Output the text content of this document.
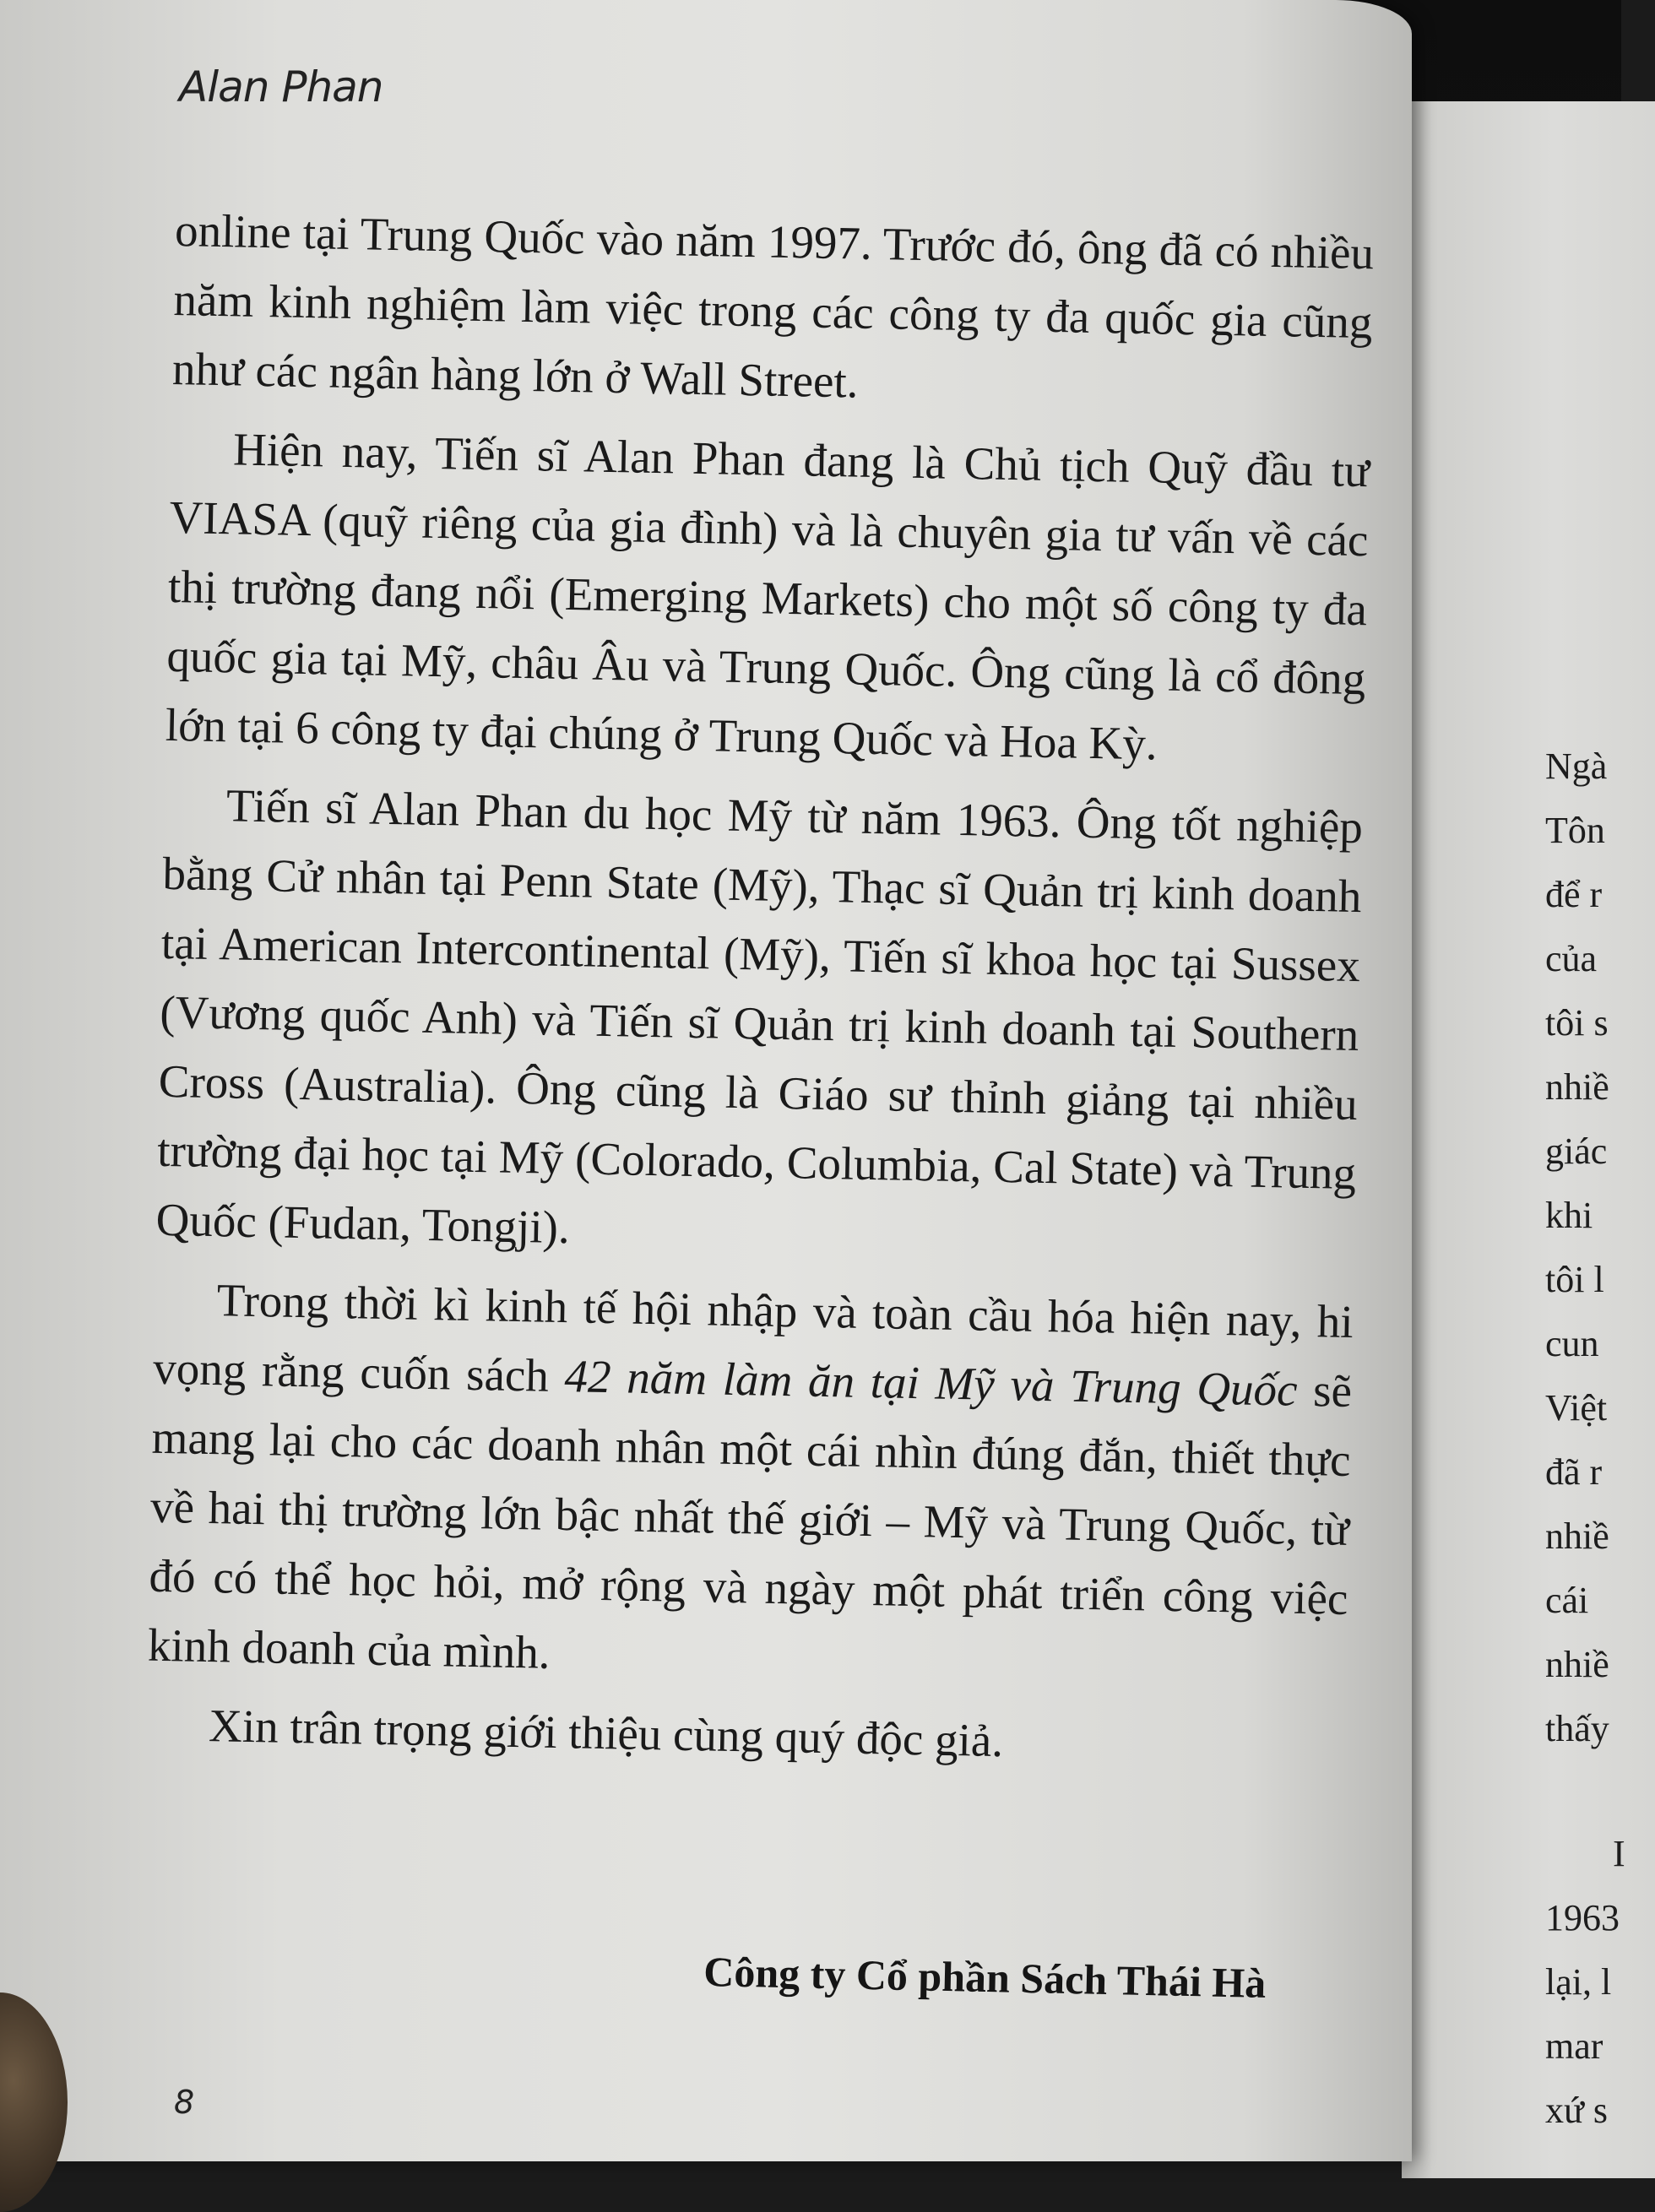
Ngà
Tôn
để r
của
tôi s
nhiề
giác
khi
tôi l
cun
Việt
đã r
nhiề
cái
nhiề
thấy
I
1963
lại, l
mar
xứ s
Alan Phan

online tại Trung Quốc vào năm 1997. Trước đó, ông đã có nhiều năm kinh nghiệm làm việc trong các công ty đa quốc gia cũng như các ngân hàng lớn ở Wall Street.

Hiện nay, Tiến sĩ Alan Phan đang là Chủ tịch Quỹ đầu tư VIASA (quỹ riêng của gia đình) và là chuyên gia tư vấn về các thị trường đang nổi (Emerging Markets) cho một số công ty đa quốc gia tại Mỹ, châu Âu và Trung Quốc. Ông cũng là cổ đông lớn tại 6 công ty đại chúng ở Trung Quốc và Hoa Kỳ.

Tiến sĩ Alan Phan du học Mỹ từ năm 1963. Ông tốt nghiệp bằng Cử nhân tại Penn State (Mỹ), Thạc sĩ Quản trị kinh doanh tại American Intercontinental (Mỹ), Tiến sĩ khoa học tại Sussex (Vương quốc Anh) và Tiến sĩ Quản trị kinh doanh tại Southern Cross (Australia). Ông cũng là Giáo sư thỉnh giảng tại nhiều trường đại học tại Mỹ (Colorado, Columbia, Cal State) và Trung Quốc (Fudan, Tongji).

Trong thời kì kinh tế hội nhập và toàn cầu hóa hiện nay, hi vọng rằng cuốn sách 42 năm làm ăn tại Mỹ và Trung Quốc sẽ mang lại cho các doanh nhân một cái nhìn đúng đắn, thiết thực về hai thị trường lớn bậc nhất thế giới – Mỹ và Trung Quốc, từ đó có thể học hỏi, mở rộng và ngày một phát triển công việc kinh doanh của mình.

Xin trân trọng giới thiệu cùng quý độc giả.

Công ty Cổ phần Sách Thái Hà
8
